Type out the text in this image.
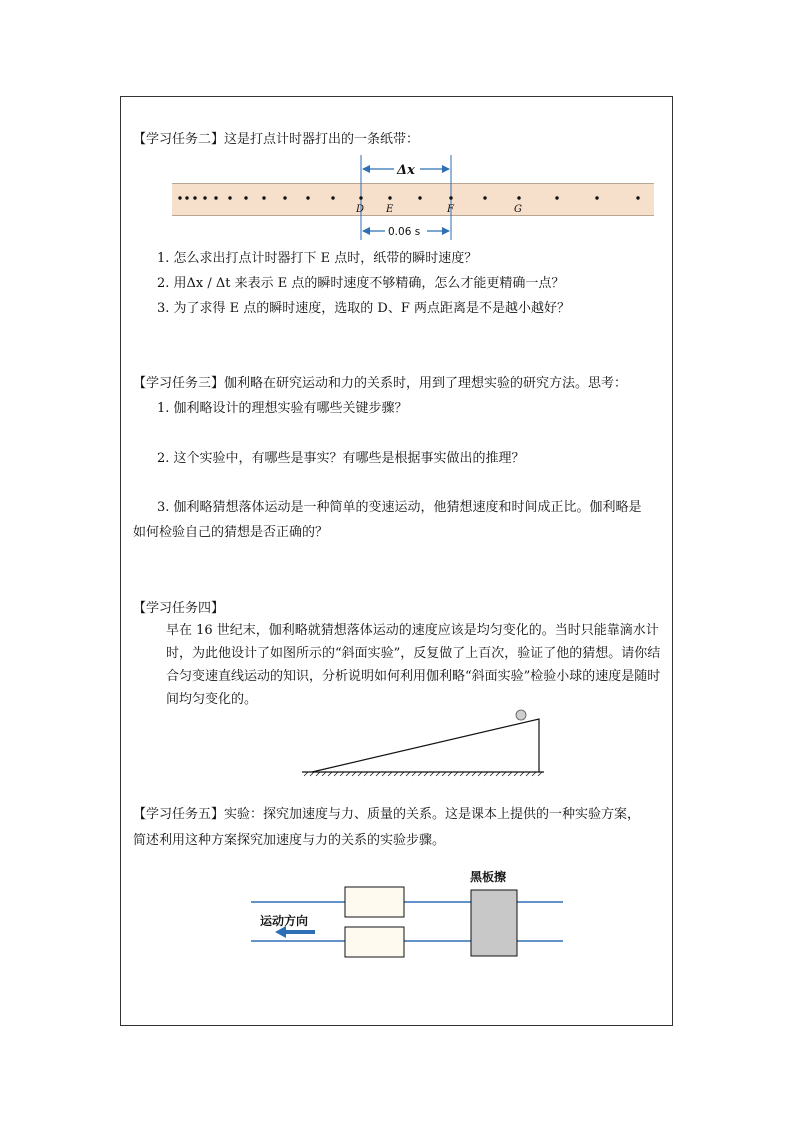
【学习任务二】这是打点计时器打出的一条纸带：
Δx
0.06 s
D E	F	G
1. 怎么求出打点计时器打下 E 点时，纸带的瞬时速度？
2. 用Δx / Δt 来表示 E 点的瞬时速度不够精确，怎么才能更精确一点？
3. 为了求得 E 点的瞬时速度，选取的 D、F 两点距离是不是越小越好？
【学习任务三】伽利略在研究运动和力的关系时，用到了理想实验的研究方法。思考：
1. 伽利略设计的理想实验有哪些关键步骤？
2. 这个实验中，有哪些是事实？有哪些是根据事实做出的推理？
3. 伽利略猜想落体运动是一种简单的变速运动，他猜想速度和时间成正比。伽利略是
如何检验自己的猜想是否正确的？
【学习任务四】
早在 16 世纪末，伽利略就猜想落体运动的速度应该是均匀变化的。当时只能靠滴水计时，为此他设计了如图所示的“斜面实验”，反复做了上百次，验证了他的猜想。请你结合匀变速直线运动的知识，分析说明如何利用伽利略“斜面实验”检验小球的速度是随时间均匀变化的。
【学习任务五】实验：探究加速度与力、质量的关系。这是课本上提供的一种实验方案，
简述利用这种方案探究加速度与力的关系的实验步骤。
黑板擦
运动方向
